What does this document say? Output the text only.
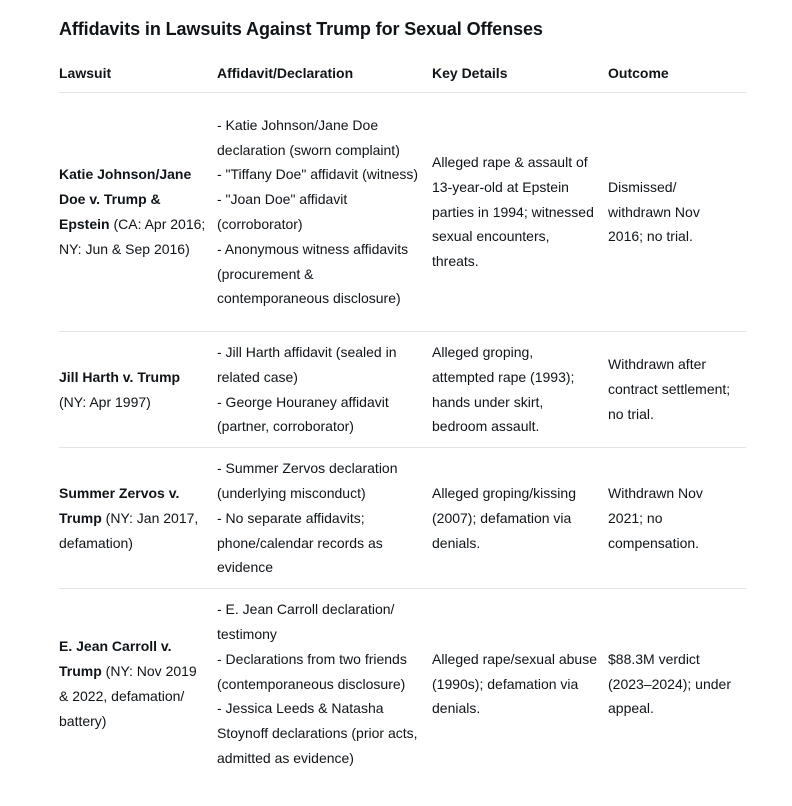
Affidavits in Lawsuits Against Trump for Sexual Offenses
Lawsuit	Affidavit/Declaration	Key Details	Outcome
Katie Johnson/Jane Doe v. Trump & Epstein (CA: Apr 2016; NY: Jun & Sep 2016)	- Katie Johnson/Jane Doe declaration (sworn complaint)
- "Tiffany Doe" affidavit (witness)
- "Joan Doe" affidavit (corroborator)
- Anonymous witness affidavits (procurement & contemporaneous disclosure)	Alleged rape & assault of 13-year-old at Epstein parties in 1994; witnessed sexual encounters, threats.	Dismissed/ withdrawn Nov 2016; no trial.
Jill Harth v. Trump (NY: Apr 1997)	- Jill Harth affidavit (sealed in related case)
- George Houraney affidavit (partner, corroborator)	Alleged groping, attempted rape (1993); hands under skirt, bedroom assault.	Withdrawn after contract settlement; no trial.
Summer Zervos v. Trump (NY: Jan 2017, defamation)	- Summer Zervos declaration (underlying misconduct)
- No separate affidavits; phone/calendar records as evidence	Alleged groping/kissing (2007); defamation via denials.	Withdrawn Nov 2021; no compensation.
E. Jean Carroll v. Trump (NY: Nov 2019 & 2022, defamation/ battery)	- E. Jean Carroll declaration/ testimony
- Declarations from two friends (contemporaneous disclosure)
- Jessica Leeds & Natasha Stoynoff declarations (prior acts, admitted as evidence)	Alleged rape/sexual abuse (1990s); defamation via denials.	$88.3M verdict (2023–2024); under appeal.
